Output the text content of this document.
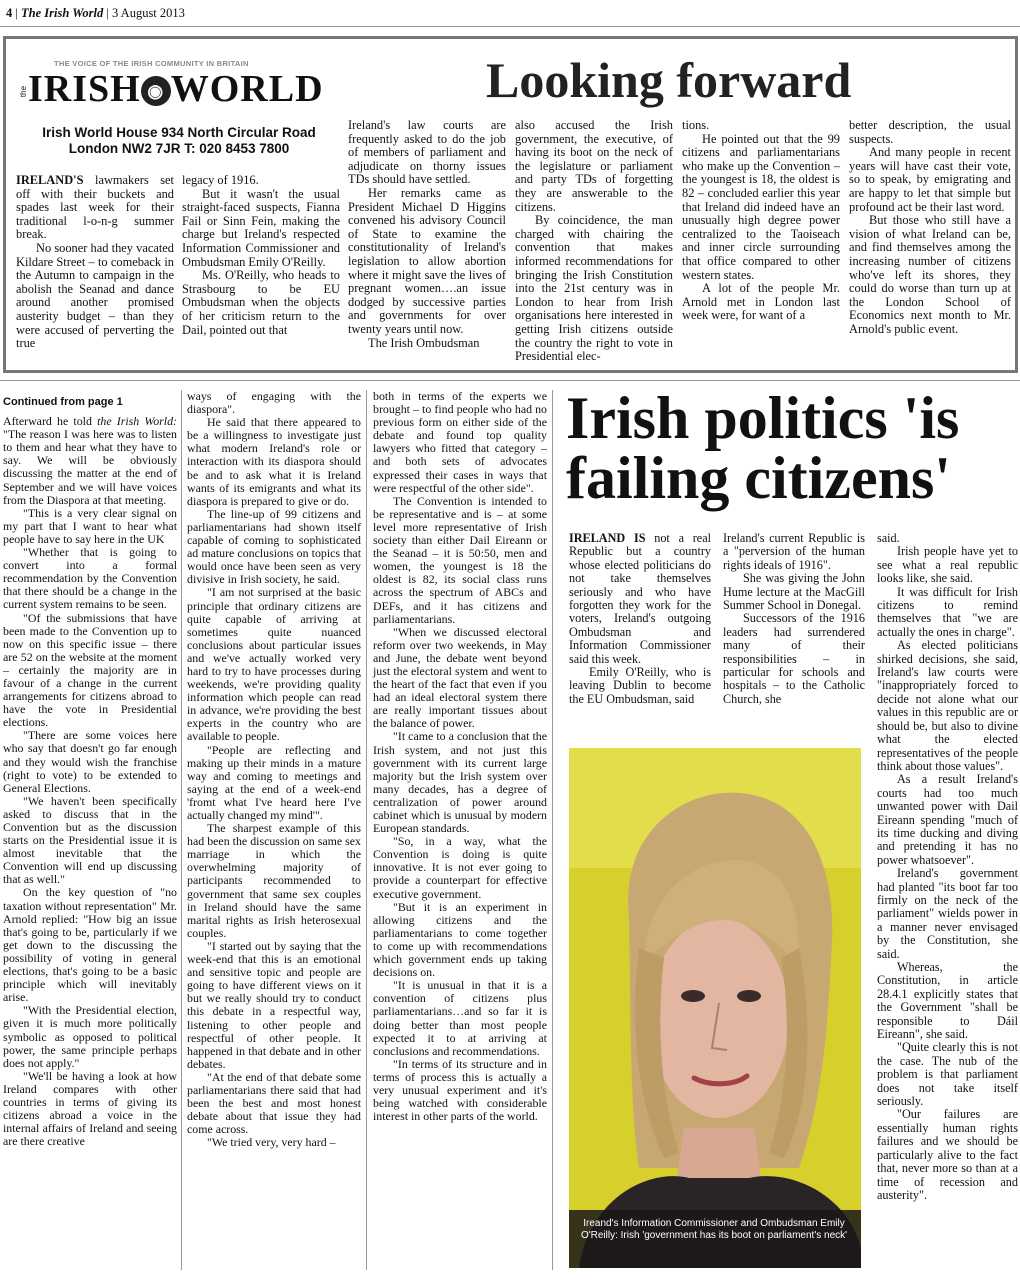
4 | The Irish World | 3 August 2013
THE VOICE OF THE IRISH COMMUNITY IN BRITAIN
the IRISH ◉ WORLD
Irish World House 934 North Circular Road
London NW2 7JR T: 020 8453 7800
Looking forward

IRELAND'S lawmakers set off with their buckets and spades last week for their traditional l-o-n-g summer break.

No sooner had they vacated Kildare Street – to comeback in the Autumn to campaign in the abolish the Seanad and dance around another promised austerity budget – than they were accused of perverting the true

legacy of 1916.

But it wasn't the usual straight-faced suspects, Fianna Fail or Sinn Fein, making the charge but Ireland's respected Information Commissioner and Ombudsman Emily O'Reilly.

Ms. O'Reilly, who heads to Strasbourg to be EU Ombudsman when the objects of her criticism return to the Dail, pointed out that

Ireland's law courts are frequently asked to do the job of members of parliament and adjudicate on thorny issues TDs should have settled.

Her remarks came as President Michael D Higgins convened his advisory Council of State to examine the constitutionality of Ireland's legislation to allow abortion where it might save the lives of pregnant women….an issue dodged by successive parties and governments for over twenty years until now.

The Irish Ombudsman

also accused the Irish government, the executive, of having its boot on the neck of the legislature or parliament and party TDs of forgetting they are answerable to the citizens.

By coincidence, the man charged with chairing the convention that makes informed recommendations for bringing the Irish Constitution into the 21st century was in London to hear from Irish organisations here interested in getting Irish citizens outside the country the right to vote in Presidential elec-

tions.

He pointed out that the 99 citizens and parliamentarians who make up the Convention – the youngest is 18, the oldest is 82 – concluded earlier this year that Ireland did indeed have an unusually high degree power centralized to the Taoiseach and inner circle surrounding that office compared to other western states.

A lot of the people Mr. Arnold met in London last week were, for want of a

better description, the usual suspects.

And many people in recent years will have cast their vote, so to speak, by emigrating and are happy to let that simple but profound act be their last word.

But those who still have a vision of what Ireland can be, and find themselves among the increasing number of citizens who've left its shores, they could do worse than turn up at the London School of Economics next month to Mr. Arnold's public event.

Continued from page 1

Afterward he told the Irish World: "The reason I was here was to listen to them and hear what they have to say. We will be obviously discussing the matter at the end of September and we will have voices from the Diaspora at that meeting.

"This is a very clear signal on my part that I want to hear what people have to say here in the UK

"Whether that is going to convert into a formal recommendation by the Convention that there should be a change in the current system remains to be seen.

"Of the submissions that have been made to the Convention up to now on this specific issue – there are 52 on the website at the moment – certainly the majority are in favour of a change in the current arrangements for citizens abroad to have the vote in Presidential elections.

"There are some voices here who say that doesn't go far enough and they would wish the franchise (right to vote) to be extended to General Elections.

"We haven't been specifically asked to discuss that in the Convention but as the discussion starts on the Presidential issue it is almost inevitable that the Convention will end up discussing that as well."

On the key question of "no taxation without representation" Mr. Arnold replied: "How big an issue that's going to be, particularly if we get down to the discussing the possibility of voting in general elections, that's going to be a basic principle which will inevitably arise.

"With the Presidential election, given it is much more politically symbolic as opposed to political power, the same principle perhaps does not apply."

"We'll be having a look at how Ireland compares with other countries in terms of giving its citizens abroad a voice in the internal affairs of Ireland and seeing are there creative

ways of engaging with the diaspora".

He said that there appeared to be a willingness to investigate just what modern Ireland's role or interaction with its diaspora should be and to ask what it is Ireland wants of its emigrants and what its diaspora is prepared to give or do.

The line-up of 99 citizens and parliamentarians had shown itself capable of coming to sophisticated ad mature conclusions on topics that would once have been seen as very divisive in Irish society, he said.

"I am not surprised at the basic principle that ordinary citizens are quite capable of arriving at sometimes quite nuanced conclusions about particular issues and we've actually worked very hard to try to have processes during weekends, we're providing quality information which people can read in advance, we're providing the best experts in the country who are available to people.

"People are reflecting and making up their minds in a mature way and coming to meetings and saying at the end of a week-end 'fromt what I've heard here I've actually changed my mind'".

The sharpest example of this had been the discussion on same sex marriage in which the overwhelming majority of participants recommended to government that same sex couples in Ireland should have the same marital rights as Irish heterosexual couples.

"I started out by saying that the week-end that this is an emotional and sensitive topic and people are going to have different views on it but we really should try to conduct this debate in a respectful way, listening to other people and respectful of other people. It happened in that debate and in other debates.

"At the end of that debate some parliamentarians there said that had been the best and most honest debate about that issue they had come across.

"We tried very, very hard –

both in terms of the experts we brought – to find people who had no previous form on either side of the debate and found top quality lawyers who fitted that category – and both sets of advocates expressed their cases in ways that were respectful of the other side".

The Convention is intended to be representative and is – at some level more representative of Irish society than either Dail Eireann or the Seanad – it is 50:50, men and women, the youngest is 18 the oldest is 82, its social class runs across the spectrum of ABCs and DEFs, and it has citizens and parliamentarians.

"When we discussed electoral reform over two weekends, in May and June, the debate went beyond just the electoral system and went to the heart of the fact that even if you had an ideal electoral system there are really important tissues about the balance of power.

"It came to a conclusion that the Irish system, and not just this government with its current large majority but the Irish system over many decades, has a degree of centralization of power around cabinet which is unusual by modern European standards.

"So, in a way, what the Convention is doing is quite innovative. It is not ever going to provide a counterpart for effective executive government.

"But it is an experiment in allowing citizens and the parliamentarians to come together to come up with recommendations which government ends up taking decisions on.

"It is unusual in that it is a convention of citizens plus parliamentarians…and so far it is doing better than most people expected it to at arriving at conclusions and recommendations.

"In terms of its structure and in terms of process this is actually a very unusual experiment and it's being watched with considerable interest in other parts of the world.

Irish politics 'is failing citizens'

IRELAND IS not a real Republic but a country whose elected politicians do not take themselves seriously and who have forgotten they work for the voters, Ireland's outgoing Ombudsman and Information Commissioner said this week.

Emily O'Reilly, who is leaving Dublin to become the EU Ombudsman, said

Ireland's current Republic is a "perversion of the human rights ideals of 1916".

She was giving the John Hume lecture at the MacGill Summer School in Donegal.

Successors of the 1916 leaders had surrendered many of their responsibilities – in particular for schools and hospitals – to the Catholic Church, she

said.

Irish people have yet to see what a real republic looks like, she said.

It was difficult for Irish citizens to remind themselves that "we are actually the ones in charge".

As elected politicians shirked decisions, she said, Ireland's law courts were "inappropriately forced to decide not alone what our values in this republic are or should be, but also to divine what the elected representatives of the people think about those values".

As a result Ireland's courts had too much unwanted power with Dail Eireann spending "much of its time ducking and diving and pretending it has no power whatsoever".

Ireland's government had planted "its boot far too firmly on the neck of the parliament" wields power in a manner never envisaged by the Constitution, she said.

Whereas, the Constitution, in article 28.4.1 explicitly states that the Government "shall be responsible to Dáil Eireann", she said.

"Quite clearly this is not the case. The nub of the problem is that parliament does not take itself seriously.

"Our failures are essentially human rights failures and we should be particularly alive to the fact that, never more so than at a time of recession and austerity".

Ireand's Information Commissioner and Ombudsman Emily O'Reilly: Irish 'government has its boot on parliament's neck'
